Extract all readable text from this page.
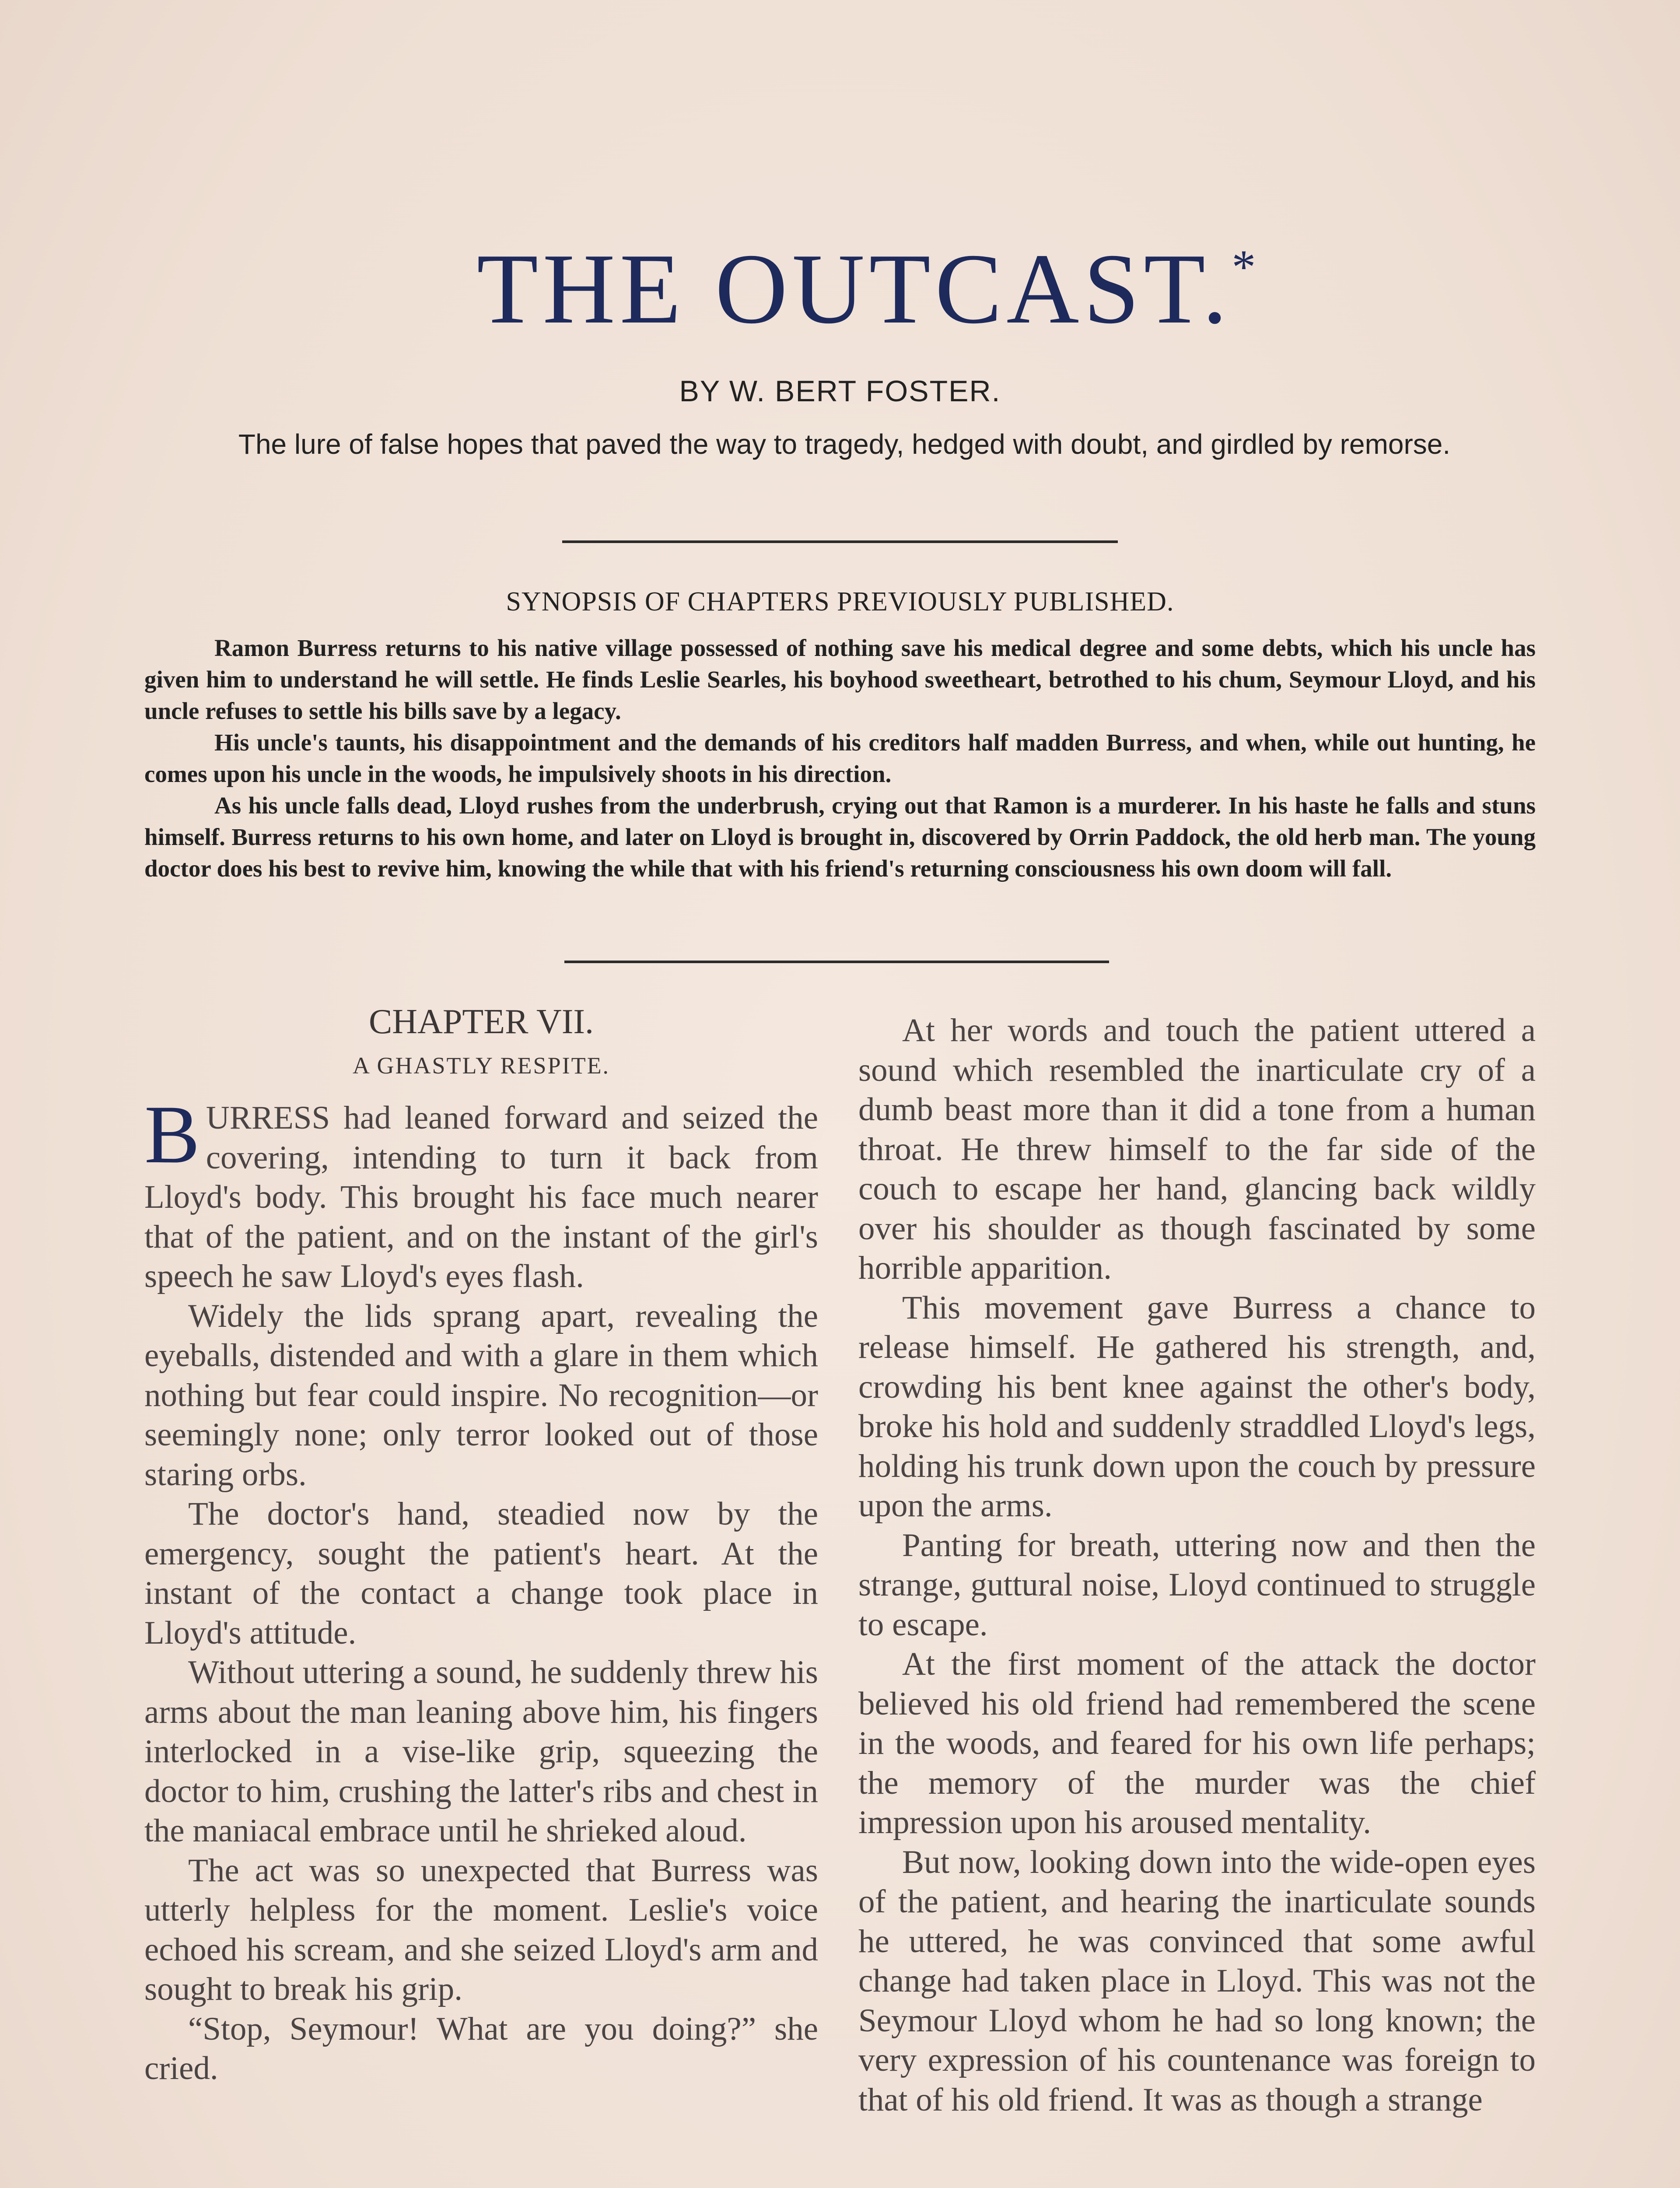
THE OUTCAST.*
BY W. BERT FOSTER.
The lure of false hopes that paved the way to tragedy, hedged with doubt, and girdled by remorse.
SYNOPSIS OF CHAPTERS PREVIOUSLY PUBLISHED.

Ramon Burress returns to his native village possessed of nothing save his medical degree and some debts, which his uncle has given him to understand he will settle. He finds Leslie Searles, his boyhood sweetheart, betrothed to his chum, Seymour Lloyd, and his uncle refuses to settle his bills save by a legacy.

His uncle's taunts, his disappointment and the demands of his creditors half madden Burress, and when, while out hunting, he comes upon his uncle in the woods, he impulsively shoots in his direction.

As his uncle falls dead, Lloyd rushes from the underbrush, crying out that Ramon is a murderer. In his haste he falls and stuns himself. Burress returns to his own home, and later on Lloyd is brought in, discovered by Orrin Paddock, the old herb man. The young doctor does his best to revive him, knowing the while that with his friend's returning consciousness his own doom will fall.

CHAPTER VII.
A GHASTLY RESPITE.

BURRESS had leaned forward and seized the covering, intending to turn it back from Lloyd's body. This brought his face much nearer that of the patient, and on the instant of the girl's speech he saw Lloyd's eyes flash.

Widely the lids sprang apart, revealing the eyeballs, distended and with a glare in them which nothing but fear could inspire. No recognition—or seemingly none; only terror looked out of those staring orbs.

The doctor's hand, steadied now by the emergency, sought the patient's heart. At the instant of the contact a change took place in Lloyd's attitude.

Without uttering a sound, he suddenly threw his arms about the man leaning above him, his fingers interlocked in a vise-like grip, squeezing the doctor to him, crushing the latter's ribs and chest in the maniacal embrace until he shrieked aloud.

The act was so unexpected that Burress was utterly helpless for the moment. Leslie's voice echoed his scream, and she seized Lloyd's arm and sought to break his grip.

“Stop, Seymour! What are you doing?” she cried.

At her words and touch the patient uttered a sound which resembled the inarticulate cry of a dumb beast more than it did a tone from a human throat. He threw himself to the far side of the couch to escape her hand, glancing back wildly over his shoulder as though fascinated by some horrible apparition.

This movement gave Burress a chance to release himself. He gathered his strength, and, crowding his bent knee against the other's body, broke his hold and suddenly straddled Lloyd's legs, holding his trunk down upon the couch by pressure upon the arms.

Panting for breath, uttering now and then the strange, guttural noise, Lloyd continued to struggle to escape.

At the first moment of the attack the doctor believed his old friend had remembered the scene in the woods, and feared for his own life perhaps; the memory of the murder was the chief impression upon his aroused mentality.

But now, looking down into the wide-open eyes of the patient, and hearing the inarticulate sounds he uttered, he was convinced that some awful change had taken place in Lloyd. This was not the Seymour Lloyd whom he had so long known; the very expression of his countenance was foreign to that of his old friend. It was as though a strange
